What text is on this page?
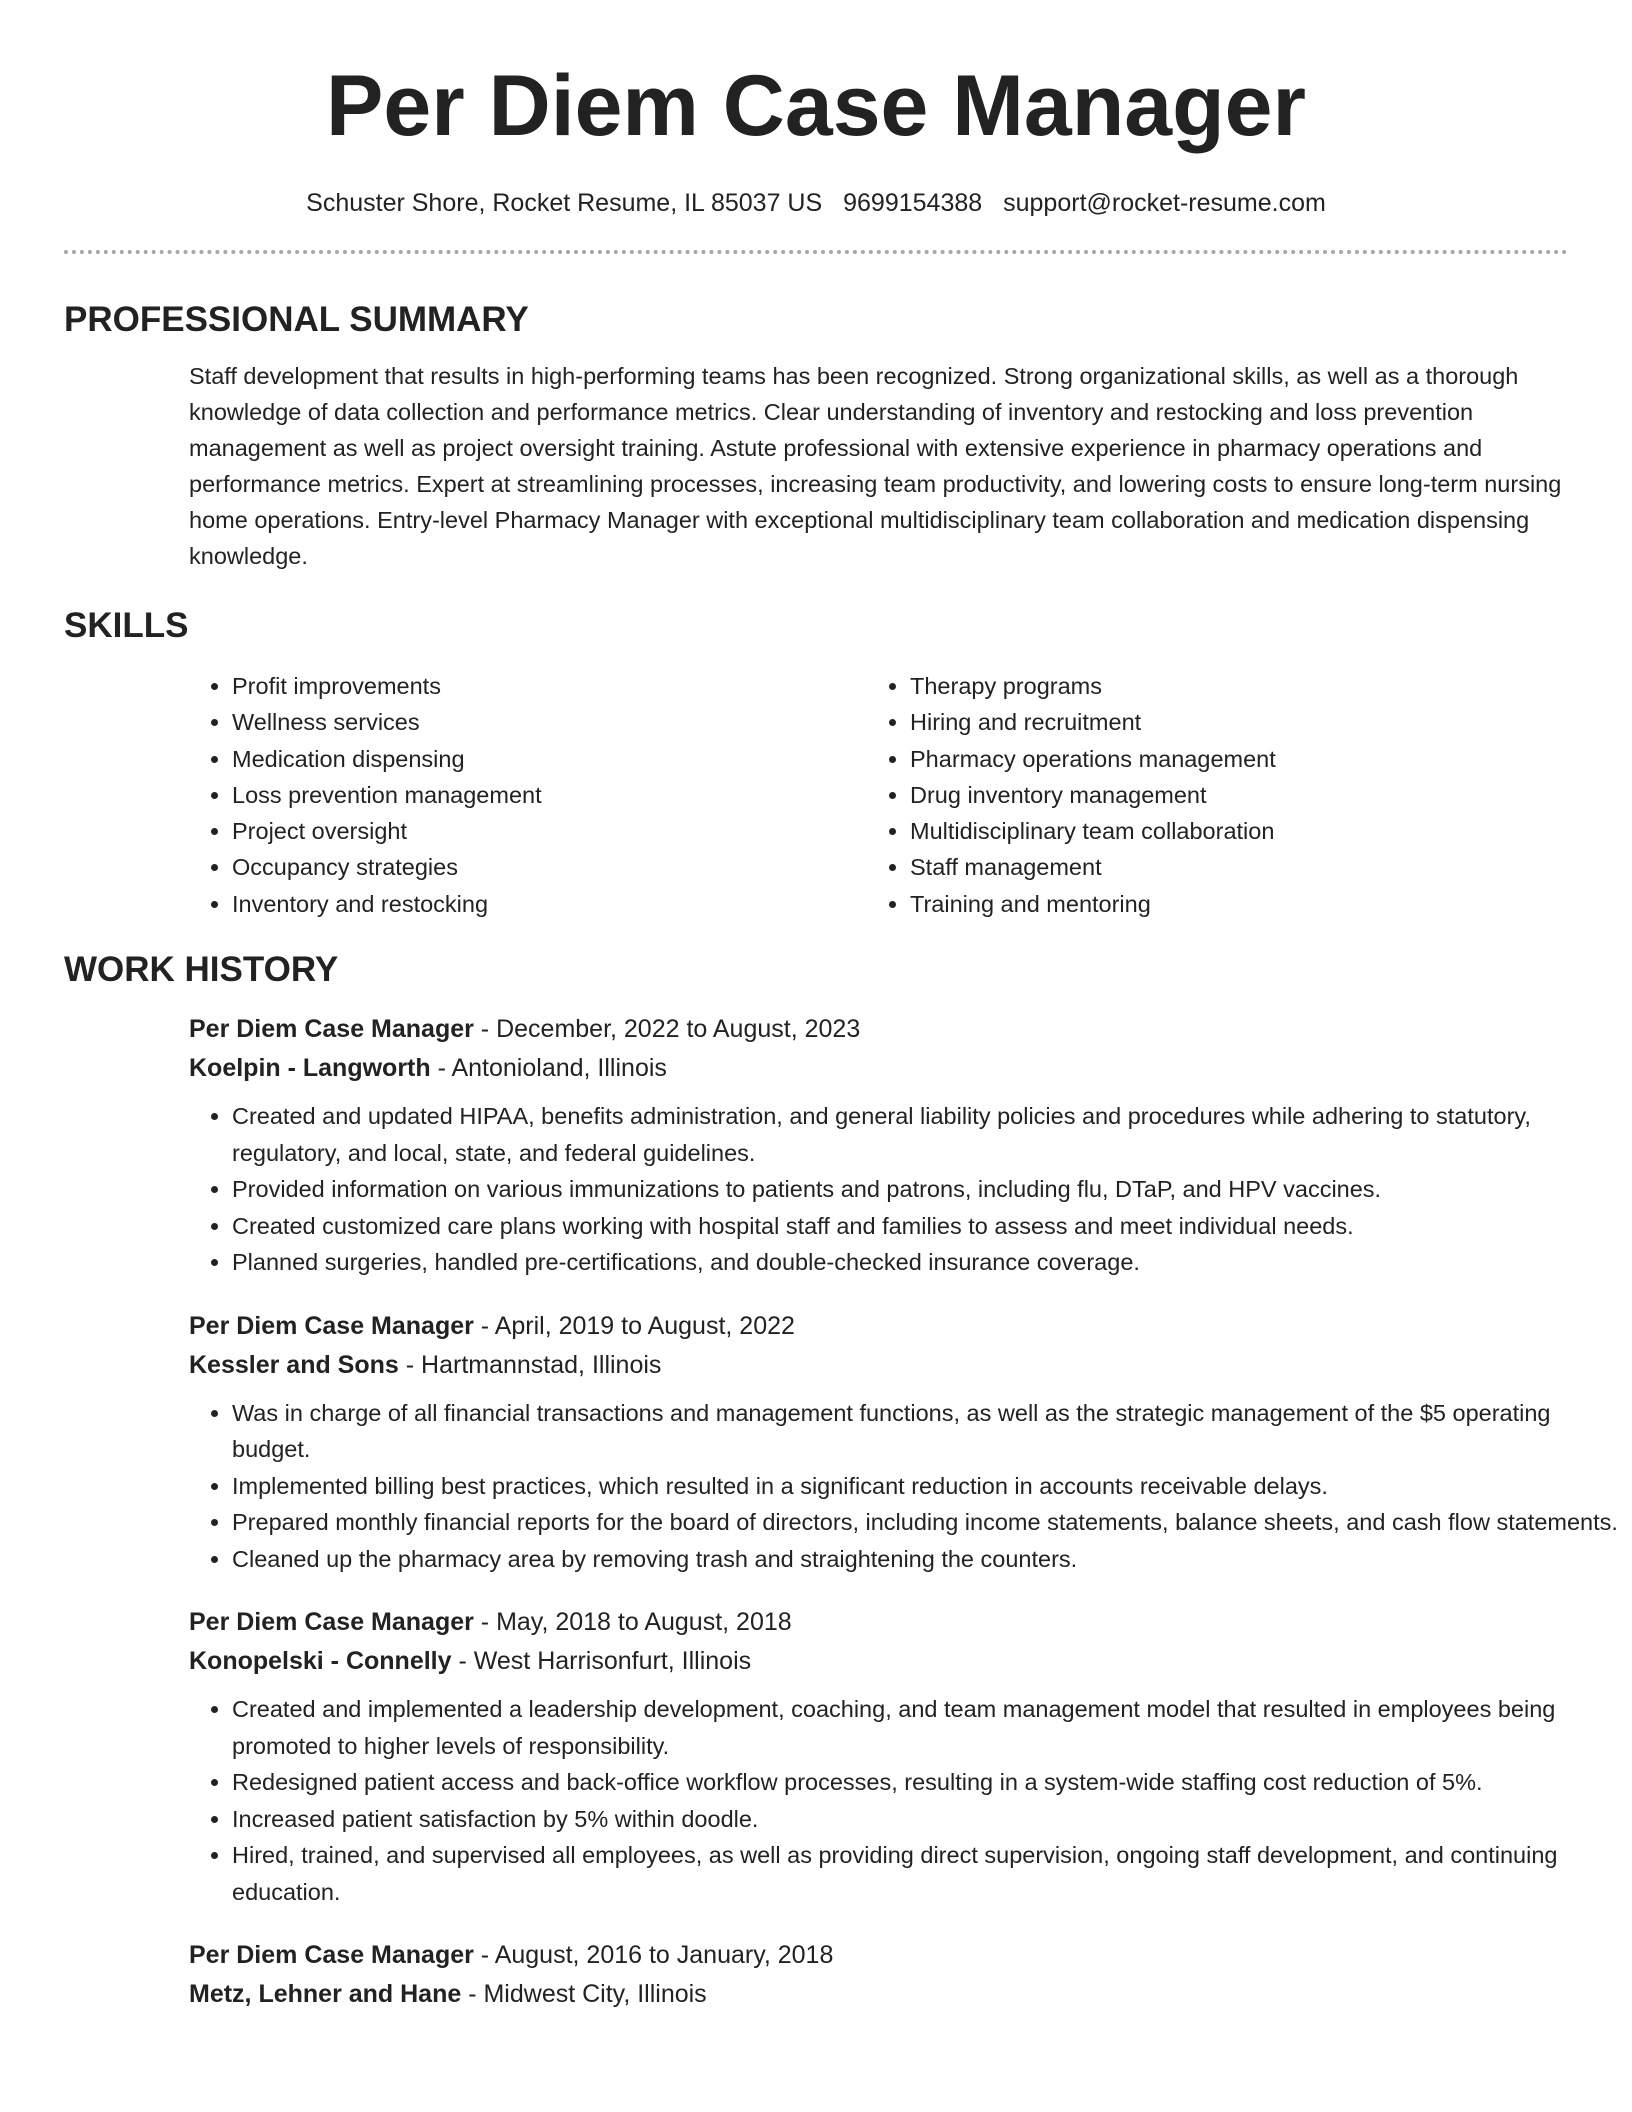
Per Diem Case Manager
Schuster Shore, Rocket Resume, IL 85037 US 9699154388 support@rocket-resume.com
PROFESSIONAL SUMMARY

Staff development that results in high-performing teams has been recognized. Strong organizational skills, as well as a thorough knowledge of data collection and performance metrics. Clear understanding of inventory and restocking and loss prevention management as well as project oversight training. Astute professional with extensive experience in pharmacy operations and performance metrics. Expert at streamlining processes, increasing team productivity, and lowering costs to ensure long-term nursing home operations. Entry-level Pharmacy Manager with exceptional multidisciplinary team collaboration and medication dispensing knowledge.

SKILLS
• Profit improvements
• Wellness services
• Medication dispensing
• Loss prevention management
• Project oversight
• Occupancy strategies
• Inventory and restocking
• Therapy programs
• Hiring and recruitment
• Pharmacy operations management
• Drug inventory management
• Multidisciplinary team collaboration
• Staff management
• Training and mentoring
WORK HISTORY
Per Diem Case Manager - December, 2022 to August, 2023
Koelpin - Langworth - Antonioland, Illinois
• Created and updated HIPAA, benefits administration, and general liability policies and procedures while adhering to statutory, regulatory, and local, state, and federal guidelines.
• Provided information on various immunizations to patients and patrons, including flu, DTaP, and HPV vaccines.
• Created customized care plans working with hospital staff and families to assess and meet individual needs.
• Planned surgeries, handled pre-certifications, and double-checked insurance coverage.
Per Diem Case Manager - April, 2019 to August, 2022
Kessler and Sons - Hartmannstad, Illinois
• Was in charge of all financial transactions and management functions, as well as the strategic management of the $5 operating budget.
• Implemented billing best practices, which resulted in a significant reduction in accounts receivable delays.
• Prepared monthly financial reports for the board of directors, including income statements, balance sheets, and cash flow statements.
• Cleaned up the pharmacy area by removing trash and straightening the counters.
Per Diem Case Manager - May, 2018 to August, 2018
Konopelski - Connelly - West Harrisonfurt, Illinois
• Created and implemented a leadership development, coaching, and team management model that resulted in employees being promoted to higher levels of responsibility.
• Redesigned patient access and back-office workflow processes, resulting in a system-wide staffing cost reduction of 5%.
• Increased patient satisfaction by 5% within doodle.
• Hired, trained, and supervised all employees, as well as providing direct supervision, ongoing staff development, and continuing education.
Per Diem Case Manager - August, 2016 to January, 2018
Metz, Lehner and Hane - Midwest City, Illinois
